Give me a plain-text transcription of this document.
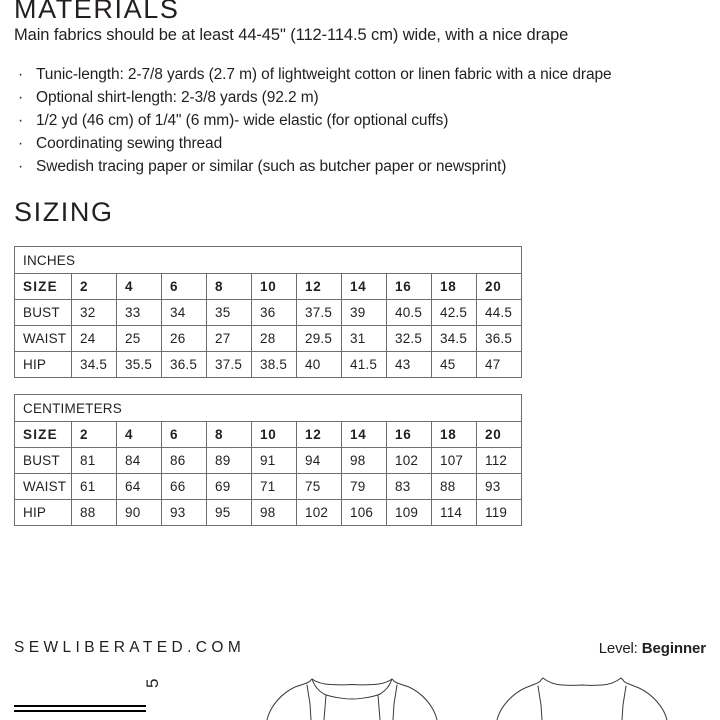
MATERIALS
Main fabrics should be at least 44-45" (112-114.5 cm) wide, with a nice drape
· Tunic-length: 2-7/8 yards (2.7 m) of lightweight cotton or linen fabric with a nice drape
· Optional shirt-length: 2-3/8 yards (92.2 m)
· 1/2 yd (46 cm) of 1/4" (6 mm)- wide elastic (for optional cuffs)
· Coordinating sewing thread
· Swedish tracing paper or similar (such as butcher paper or newsprint)
SIZING
INCHES										
SIZE	2	4	6	8	10	12	14	16	18	20
BUST	32	33	34	35	36	37.5	39	40.5	42.5	44.5
WAIST	24	25	26	27	28	29.5	31	32.5	34.5	36.5
HIP	34.5	35.5	36.5	37.5	38.5	40	41.5	43	45	47
CENTIMETERS										
SIZE	2	4	6	8	10	12	14	16	18	20
BUST	81	84	86	89	91	94	98	102	107	112
WAIST	61	64	66	69	71	75	79	83	88	93
HIP	88	90	93	95	98	102	106	109	114	119
SEWLIBERATED.COM	Level: Beginner
5
